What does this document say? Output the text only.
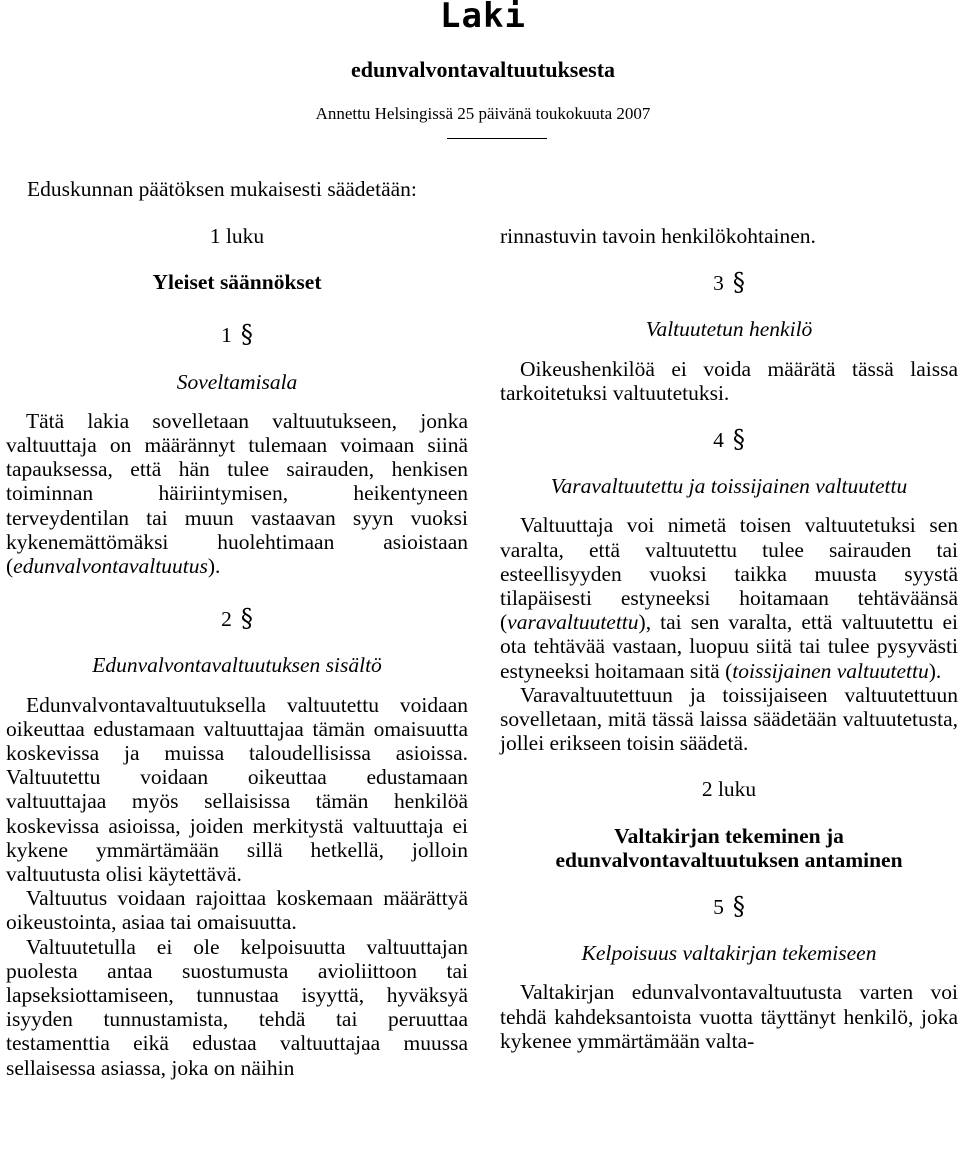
Laki
edunvalvontavaltuutuksesta
Annettu Helsingissä 25 päivänä toukokuuta 2007
Eduskunnan päätöksen mukaisesti säädetään:
1 luku
Yleiset säännökset
1 §
Soveltamisala

Tätä lakia sovelletaan valtuutukseen, jonka valtuuttaja on määrännyt tulemaan voimaan siinä tapauksessa, että hän tulee sairauden, henkisen toiminnan häiriintymisen, heikentyneen terveydentilan tai muun vastaavan syyn vuoksi kykenemättömäksi huolehtimaan asioistaan (edunvalvontavaltuutus).

2 §
Edunvalvontavaltuutuksen sisältö

Edunvalvontavaltuutuksella valtuutettu voidaan oikeuttaa edustamaan valtuuttajaa tämän omaisuutta koskevissa ja muissa taloudellisissa asioissa. Valtuutettu voidaan oikeuttaa edustamaan valtuuttajaa myös sellaisissa tämän henkilöä koskevissa asioissa, joiden merkitystä valtuuttaja ei kykene ymmärtämään sillä hetkellä, jolloin valtuutusta olisi käytettävä.

Valtuutus voidaan rajoittaa koskemaan määrättyä oikeustointa, asiaa tai omaisuutta.

Valtuutetulla ei ole kelpoisuutta valtuuttajan puolesta antaa suostumusta avioliittoon tai lapseksiottamiseen, tunnustaa isyyttä, hyväksyä isyyden tunnustamista, tehdä tai peruuttaa testamenttia eikä edustaa valtuuttajaa muussa sellaisessa asiassa, joka on näihin

rinnastuvin tavoin henkilökohtainen.

3 §
Valtuutetun henkilö

Oikeushenkilöä ei voida määrätä tässä laissa tarkoitetuksi valtuutetuksi.

4 §
Varavaltuutettu ja toissijainen valtuutettu

Valtuuttaja voi nimetä toisen valtuutetuksi sen varalta, että valtuutettu tulee sairauden tai esteellisyyden vuoksi taikka muusta syystä tilapäisesti estyneeksi hoitamaan tehtäväänsä (varavaltuutettu), tai sen varalta, että valtuutettu ei ota tehtävää vastaan, luopuu siitä tai tulee pysyvästi estyneeksi hoitamaan sitä (toissijainen valtuutettu).

Varavaltuutettuun ja toissijaiseen valtuutettuun sovelletaan, mitä tässä laissa säädetään valtuutetusta, jollei erikseen toisin säädetä.

2 luku
Valtakirjan tekeminen ja edunvalvontavaltuutuksen antaminen
5 §
Kelpoisuus valtakirjan tekemiseen

Valtakirjan edunvalvontavaltuutusta varten voi tehdä kahdeksantoista vuotta täyttänyt henkilö, joka kykenee ymmärtämään valta-
